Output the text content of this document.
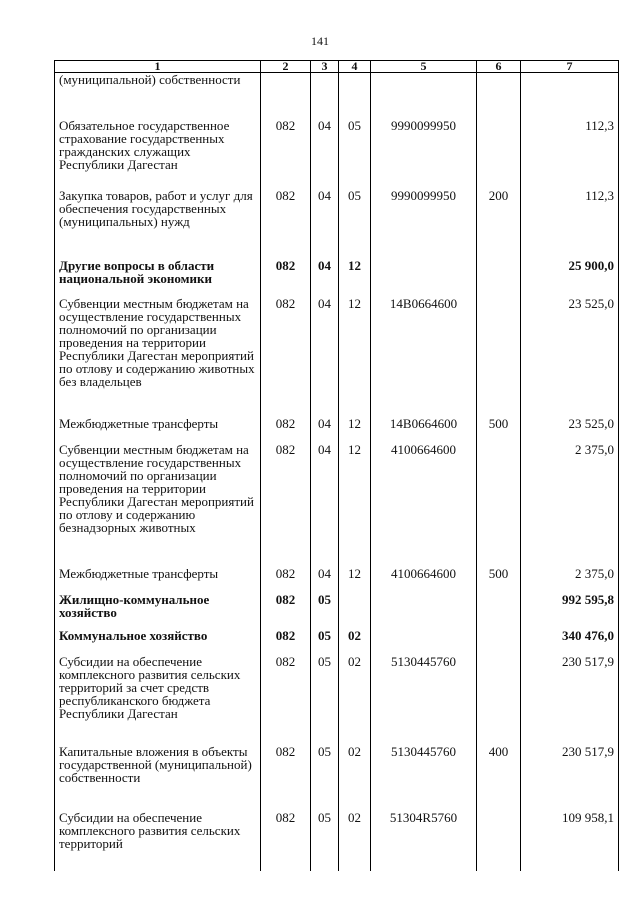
141
1	2	3	4	5	6	7
(муниципальной) собственности						
Обязательное государственное страхование государственных гражданских служащих Республики Дагестан	082	04	05	9990099950		112,3
Закупка товаров, работ и услуг для обеспечения государственных (муниципальных) нужд	082	04	05	9990099950	200	112,3
Другие вопросы в области национальной экономики	082	04	12			25 900,0
Субвенции местным бюджетам на осуществление государственных полномочий по организации проведения на территории Республики Дагестан мероприятий по отлову и содержанию животных без владельцев	082	04	12	14В0664600		23 525,0
Межбюджетные трансферты	082	04	12	14В0664600	500	23 525,0
Субвенции местным бюджетам на осуществление государственных полномочий по организации проведения на территории Республики Дагестан мероприятий по отлову и содержанию безнадзорных животных	082	04	12	4100664600		2 375,0
Межбюджетные трансферты	082	04	12	4100664600	500	2 375,0
Жилищно-коммунальное хозяйство	082	05				992 595,8
Коммунальное хозяйство	082	05	02			340 476,0
Субсидии на обеспечение комплексного развития сельских территорий за счет средств республиканского бюджета Республики Дагестан	082	05	02	5130445760		230 517,9
Капитальные вложения в объекты государственной (муниципальной) собственности	082	05	02	5130445760	400	230 517,9
Субсидии на обеспечение комплексного развития сельских территорий	082	05	02	51304R5760		109 958,1
